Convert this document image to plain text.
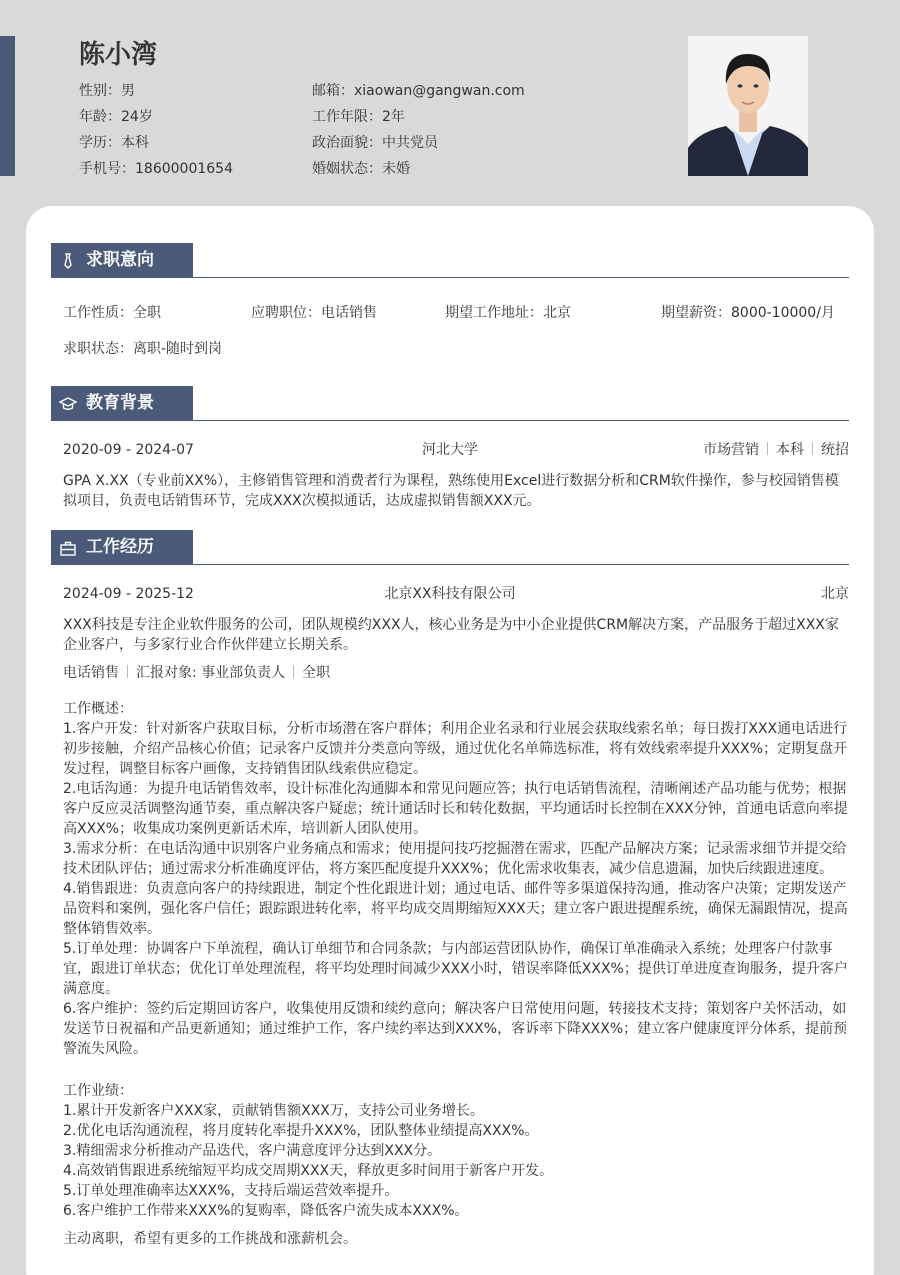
陈小湾
性别：男	邮箱：xiaowan@gangwan.com
年龄：24岁	工作年限：2年
学历：本科	政治面貌：中共党员
手机号：18600001654	婚姻状态：未婚
求职意向
工作性质：全职	应聘职位：电话销售	期望工作地址：北京	期望薪资：8000-10000/月
求职状态：离职-随时到岗
教育背景
2020-09 - 2024-07	河北大学	市场营销 本科 统招
GPA X.XX（专业前XX%），主修销售管理和消费者行为课程，熟练使用Excel进行数据分析和CRM软件操作，参与校园销售模拟项目，负责电话销售环节，完成XXX次模拟通话，达成虚拟销售额XXX元。
工作经历
2024-09 - 2025-12	北京XX科技有限公司	北京
XXX科技是专注企业软件服务的公司，团队规模约XXX人，核心业务是为中小企业提供CRM解决方案，产品服务于超过XXX家企业客户，与多家行业合作伙伴建立长期关系。
电话销售 汇报对象: 事业部负责人 全职
工作概述：
1.客户开发：针对新客户获取目标，分析市场潜在客户群体；利用企业名录和行业展会获取线索名单；每日拨打XXX通电话进行初步接触，介绍产品核心价值；记录客户反馈并分类意向等级，通过优化名单筛选标准，将有效线索率提升XXX%；定期复盘开发过程，调整目标客户画像，支持销售团队线索供应稳定。
2.电话沟通：为提升电话销售效率，设计标准化沟通脚本和常见问题应答；执行电话销售流程，清晰阐述产品功能与优势；根据客户反应灵活调整沟通节奏，重点解决客户疑虑；统计通话时长和转化数据，平均通话时长控制在XXX分钟，首通电话意向率提高XXX%；收集成功案例更新话术库，培训新人团队使用。
3.需求分析：在电话沟通中识别客户业务痛点和需求；使用提问技巧挖掘潜在需求，匹配产品解决方案；记录需求细节并提交给技术团队评估；通过需求分析准确度评估，将方案匹配度提升XXX%；优化需求收集表，减少信息遗漏，加快后续跟进速度。
4.销售跟进：负责意向客户的持续跟进，制定个性化跟进计划；通过电话、邮件等多渠道保持沟通，推动客户决策；定期发送产品资料和案例，强化客户信任；跟踪跟进转化率，将平均成交周期缩短XXX天；建立客户跟进提醒系统，确保无漏跟情况，提高整体销售效率。
5.订单处理：协调客户下单流程，确认订单细节和合同条款；与内部运营团队协作，确保订单准确录入系统；处理客户付款事宜，跟进订单状态；优化订单处理流程，将平均处理时间减少XXX小时，错误率降低XXX%；提供订单进度查询服务，提升客户满意度。
6.客户维护：签约后定期回访客户，收集使用反馈和续约意向；解决客户日常使用问题，转接技术支持；策划客户关怀活动，如发送节日祝福和产品更新通知；通过维护工作，客户续约率达到XXX%，客诉率下降XXX%；建立客户健康度评分体系，提前预警流失风险。
工作业绩：
1.累计开发新客户XXX家，贡献销售额XXX万，支持公司业务增长。
2.优化电话沟通流程，将月度转化率提升XXX%，团队整体业绩提高XXX%。
3.精细需求分析推动产品迭代，客户满意度评分达到XXX分。
4.高效销售跟进系统缩短平均成交周期XXX天，释放更多时间用于新客户开发。
5.订单处理准确率达XXX%，支持后端运营效率提升。
6.客户维护工作带来XXX%的复购率，降低客户流失成本XXX%。
主动离职，希望有更多的工作挑战和涨薪机会。
